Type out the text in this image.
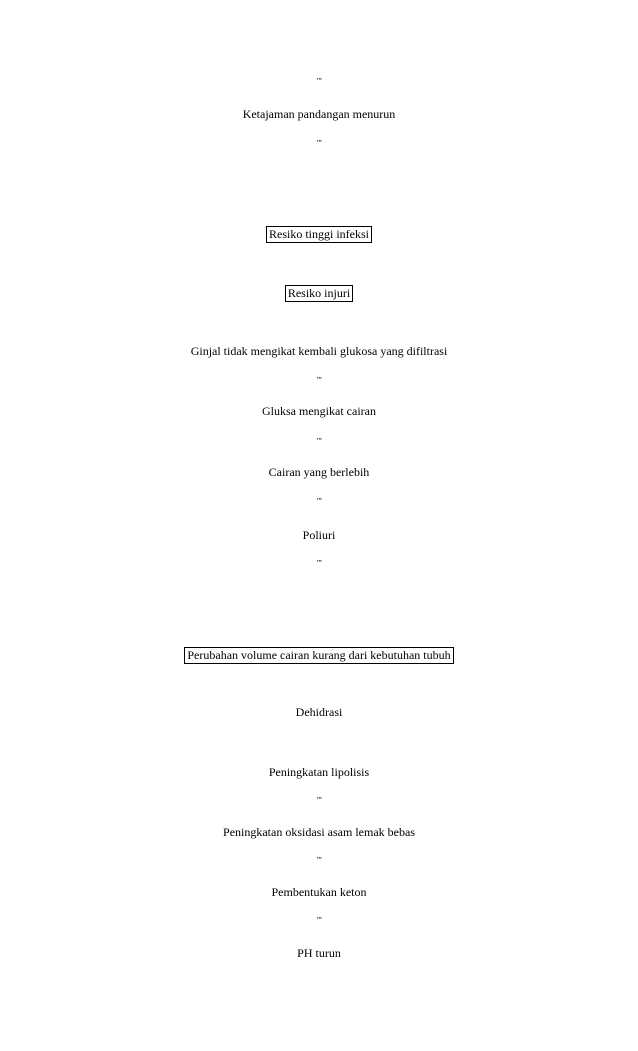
™
Ketajaman pandangan menurun
™
Resiko tinggi infeksi
Resiko injuri
Ginjal tidak mengikat kembali glukosa yang difiltrasi
™
Gluksa mengikat cairan
™
Cairan yang berlebih
™
Poliuri
™
Perubahan volume cairan kurang dari kebutuhan tubuh
Dehidrasi
Peningkatan lipolisis
™
Peningkatan oksidasi asam lemak bebas
™
Pembentukan keton
™
PH turun
